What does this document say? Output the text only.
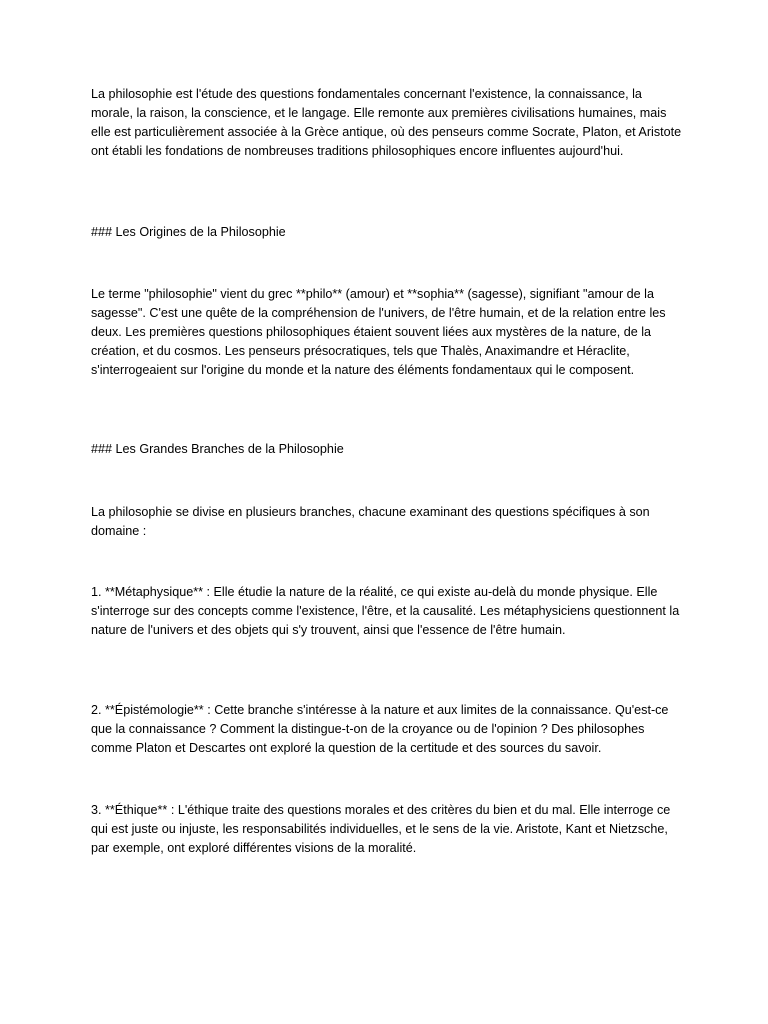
La philosophie est l'étude des questions fondamentales concernant l'existence, la connaissance, la morale, la raison, la conscience, et le langage. Elle remonte aux premières civilisations humaines, mais elle est particulièrement associée à la Grèce antique, où des penseurs comme Socrate, Platon, et Aristote ont établi les fondations de nombreuses traditions philosophiques encore influentes aujourd'hui.

### Les Origines de la Philosophie

Le terme "philosophie" vient du grec **philo** (amour) et **sophia** (sagesse), signifiant "amour de la sagesse". C'est une quête de la compréhension de l'univers, de l'être humain, et de la relation entre les deux. Les premières questions philosophiques étaient souvent liées aux mystères de la nature, de la création, et du cosmos. Les penseurs présocratiques, tels que Thalès, Anaximandre et Héraclite, s'interrogeaient sur l'origine du monde et la nature des éléments fondamentaux qui le composent.

### Les Grandes Branches de la Philosophie

La philosophie se divise en plusieurs branches, chacune examinant des questions spécifiques à son domaine :

1. **Métaphysique** : Elle étudie la nature de la réalité, ce qui existe au-delà du monde physique. Elle s'interroge sur des concepts comme l'existence, l'être, et la causalité. Les métaphysiciens questionnent la nature de l'univers et des objets qui s'y trouvent, ainsi que l'essence de l'être humain.

2. **Épistémologie** : Cette branche s'intéresse à la nature et aux limites de la connaissance. Qu'est-ce que la connaissance ? Comment la distingue-t-on de la croyance ou de l'opinion ? Des philosophes comme Platon et Descartes ont exploré la question de la certitude et des sources du savoir.

3. **Éthique** : L'éthique traite des questions morales et des critères du bien et du mal. Elle interroge ce qui est juste ou injuste, les responsabilités individuelles, et le sens de la vie. Aristote, Kant et Nietzsche, par exemple, ont exploré différentes visions de la moralité.
